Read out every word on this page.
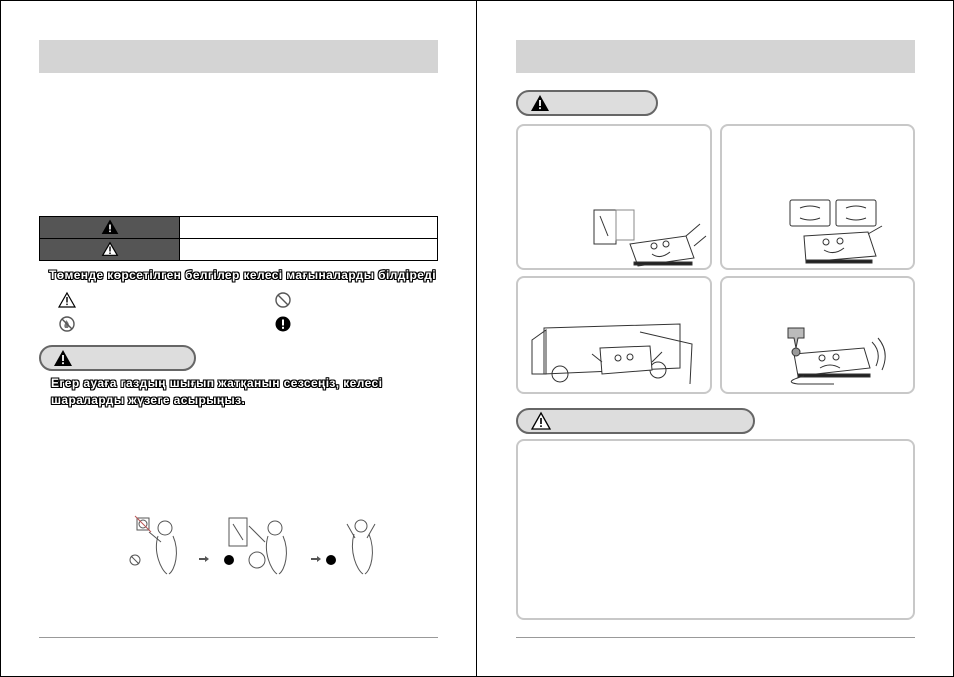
Төменде көрсетілген белгілер келесі мағыналарды білдіреді
Егер ауаға газдың шығып жатқанын сезсеңіз, келесі шараларды жүзеге асырыңыз.
